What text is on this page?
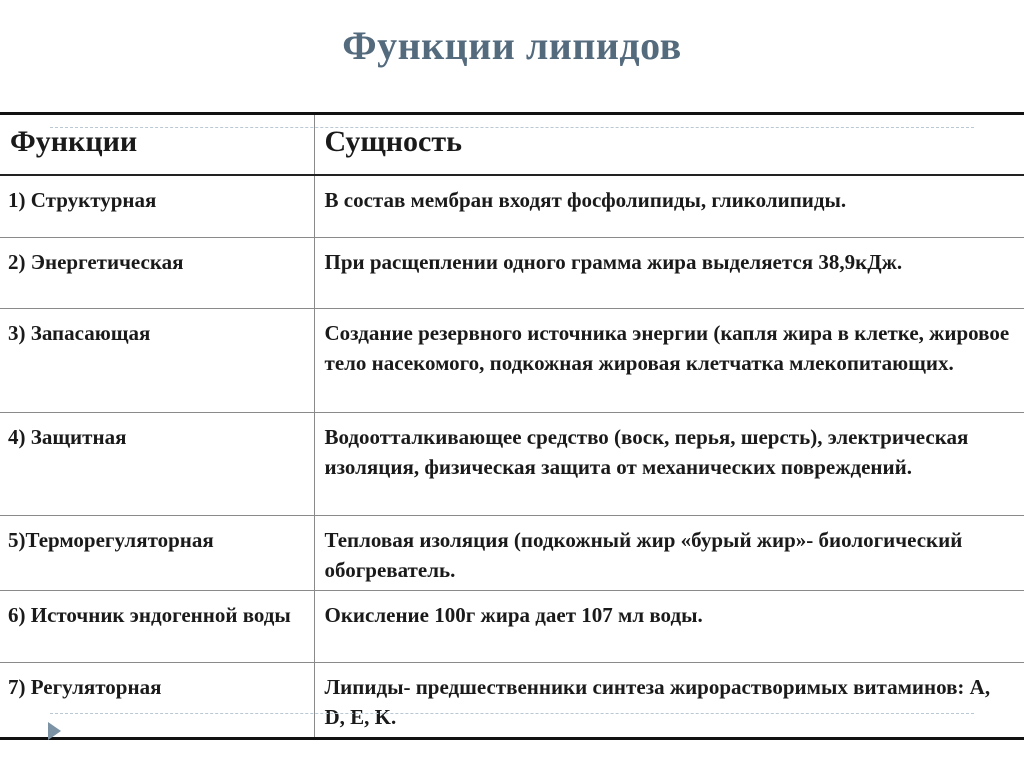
Функции липидов
Функции	Сущность
1) Структурная	В состав мембран входят фосфолипиды, гликолипиды.
2) Энергетическая	При расщеплении одного грамма жира выделяется 38,9кДж.
3) Запасающая	Создание резервного источника энергии (капля жира в клетке, жировое тело насекомого, подкожная жировая клетчатка млекопитающих.
4) Защитная	Водоотталкивающее средство (воск, перья, шерсть), электрическая изоляция, физическая защита от механических повреждений.
5)Терморегуляторная	Тепловая изоляция (подкожный жир «бурый жир»- биологический обогреватель.
6) Источник эндогенной воды	Окисление 100г жира дает 107 мл воды.
7) Регуляторная	Липиды- предшественники синтеза жирорастворимых витаминов: A, D, E, K.
